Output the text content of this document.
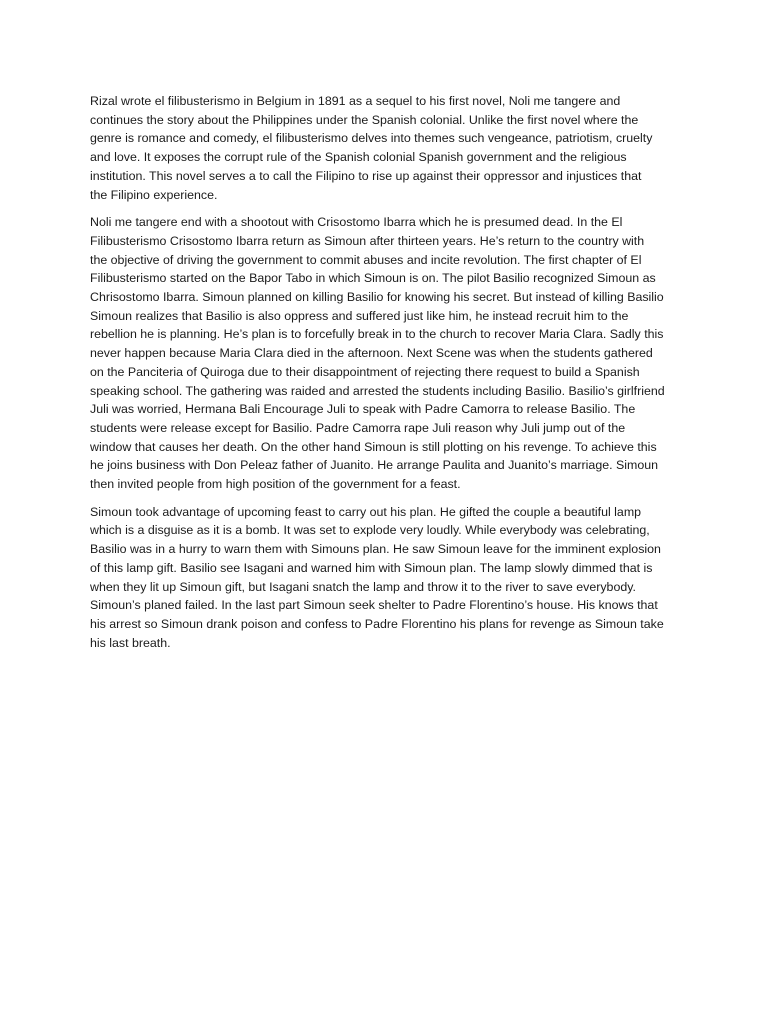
Rizal wrote el filibusterismo in Belgium in 1891 as a sequel to his first novel, Noli me tangere and
continues the story about the Philippines under the Spanish colonial. Unlike the first novel where the
genre is romance and comedy, el filibusterismo delves into themes such vengeance, patriotism, cruelty
and love. It exposes the corrupt rule of the Spanish colonial Spanish government and the religious
institution. This novel serves a to call the Filipino to rise up against their oppressor and injustices that
the Filipino experience.

Noli me tangere end with a shootout with Crisostomo Ibarra which he is presumed dead. In the El
Filibusterismo Crisostomo Ibarra return as Simoun after thirteen years. He’s return to the country with
the objective of driving the government to commit abuses and incite revolution. The first chapter of El
Filibusterismo started on the Bapor Tabo in which Simoun is on. The pilot Basilio recognized Simoun as
Chrisostomo Ibarra. Simoun planned on killing Basilio for knowing his secret. But instead of killing Basilio
Simoun realizes that Basilio is also oppress and suffered just like him, he instead recruit him to the
rebellion he is planning. He’s plan is to forcefully break in to the church to recover Maria Clara. Sadly this
never happen because Maria Clara died in the afternoon. Next Scene was when the students gathered
on the Panciteria of Quiroga due to their disappointment of rejecting there request to build a Spanish
speaking school. The gathering was raided and arrested the students including Basilio. Basilio’s girlfriend
Juli was worried, Hermana Bali Encourage Juli to speak with Padre Camorra to release Basilio. The
students were release except for Basilio. Padre Camorra rape Juli reason why Juli jump out of the
window that causes her death. On the other hand Simoun is still plotting on his revenge. To achieve this
he joins business with Don Peleaz father of Juanito. He arrange Paulita and Juanito’s marriage. Simoun
then invited people from high position of the government for a feast.

Simoun took advantage of upcoming feast to carry out his plan. He gifted the couple a beautiful lamp
which is a disguise as it is a bomb. It was set to explode very loudly. While everybody was celebrating,
Basilio was in a hurry to warn them with Simouns plan. He saw Simoun leave for the imminent explosion
of this lamp gift. Basilio see Isagani and warned him with Simoun plan. The lamp slowly dimmed that is
when they lit up Simoun gift, but Isagani snatch the lamp and throw it to the river to save everybody.
Simoun’s planed failed. In the last part Simoun seek shelter to Padre Florentino’s house. His knows that
his arrest so Simoun drank poison and confess to Padre Florentino his plans for revenge as Simoun take
his last breath.
